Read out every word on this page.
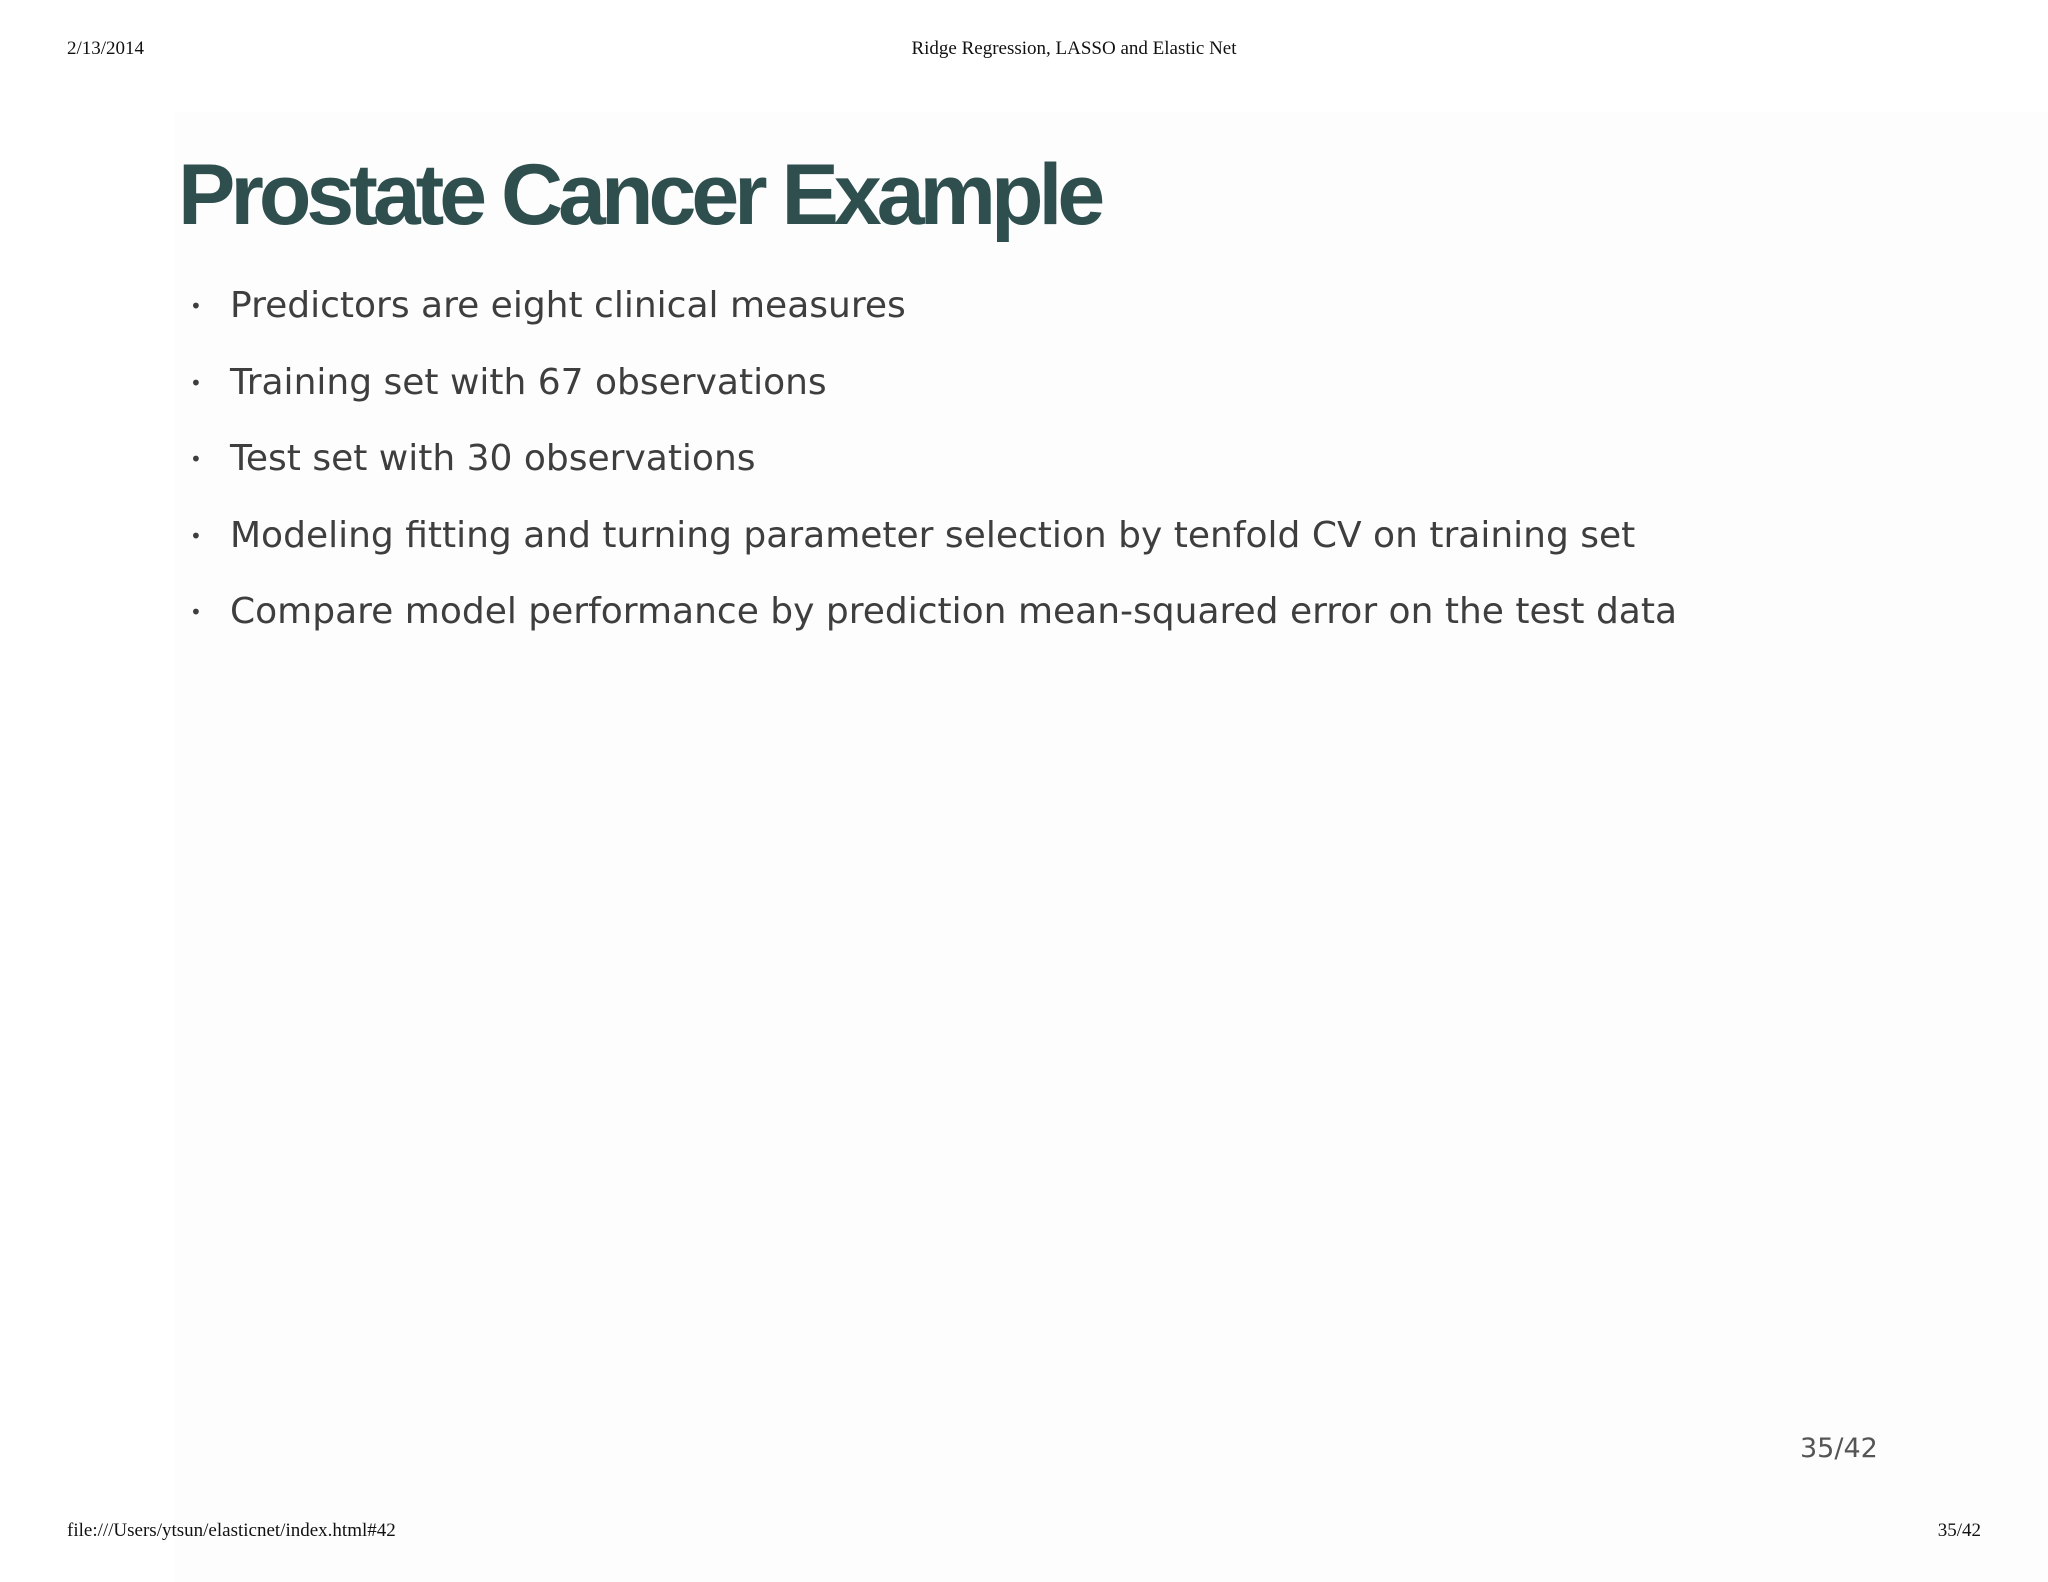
2/13/2014	Ridge Regression, LASSO and Elastic Net
Prostate Cancer Example
• Predictors are eight clinical measures
• Training set with 67 observations
• Test set with 30 observations
• Modeling fitting and turning parameter selection by tenfold CV on training set
• Compare model performance by prediction mean-squared error on the test data
35/42
file:///Users/ytsun/elasticnet/index.html#42	35/42
